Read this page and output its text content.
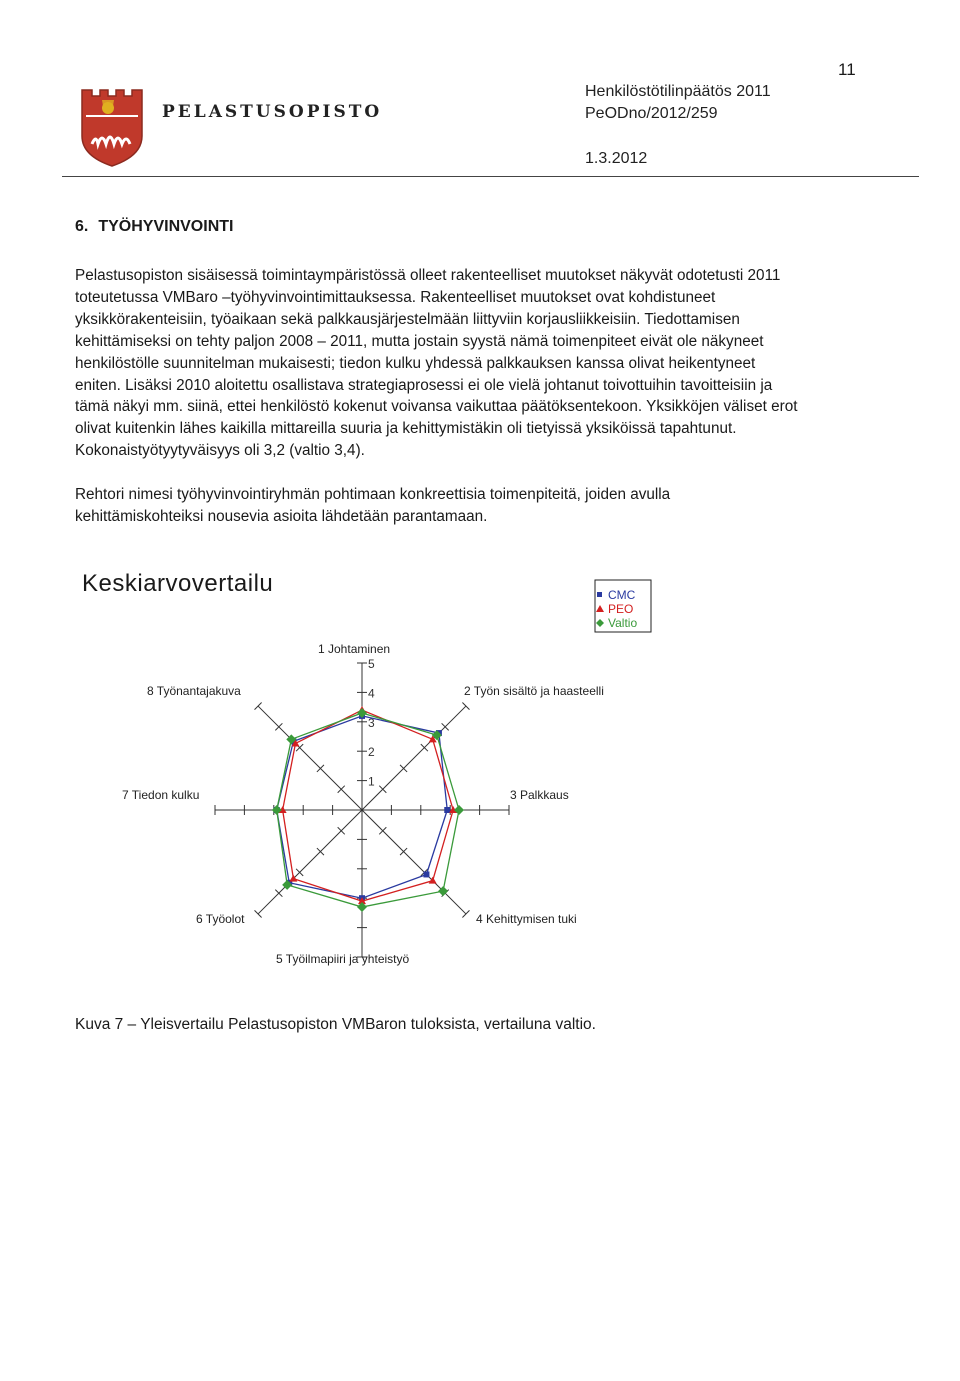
11
PELASTUSOPISTO
Henkilöstötilinpäätös 2011
PeODno/2012/259
1.3.2012
6. TYÖHYVINVOINTI
Pelastusopiston sisäisessä toimintaympäristössä olleet rakenteelliset muutokset näkyvät odotetusti 2011
toteutetussa VMBaro –työhyvinvointimittauksessa. Rakenteelliset muutokset ovat kohdistuneet
yksikkörakenteisiin, työaikaan sekä palkkausjärjestelmään liittyviin korjausliikkeisiin. Tiedottamisen
kehittämiseksi on tehty paljon 2008 – 2011, mutta jostain syystä nämä toimenpiteet eivät ole näkyneet
henkilöstölle suunnitelman mukaisesti; tiedon kulku yhdessä palkkauksen kanssa olivat heikentyneet
eniten. Lisäksi 2010 aloitettu osallistava strategiaprosessi ei ole vielä johtanut toivottuihin tavoitteisiin ja
tämä näkyi mm. siinä, ettei henkilöstö kokenut voivansa vaikuttaa päätöksentekoon. Yksikköjen väliset erot
olivat kuitenkin lähes kaikilla mittareilla suuria ja kehittymistäkin oli tietyissä yksiköissä tapahtunut.
Kokonaistyötyytyväisyys oli 3,2 (valtio 3,4).
Rehtori nimesi työhyvinvointiryhmän pohtimaan konkreettisia toimenpiteitä, joiden avulla
kehittämiskohteiksi nousevia asioita lähdetään parantamaan.
Keskiarvovertailu
1
2
3
4
5
1 Johtaminen
2 Työn sisältö ja haasteelli
3 Palkkaus
4 Kehittymisen tuki
5 Työilmapiiri ja yhteistyö
6 Työolot
7 Tiedon kulku
8 Työnantajakuva
CMC
PEO
Valtio
Kuva 7 – Yleisvertailu Pelastusopiston VMBaron tuloksista, vertailuna valtio.
